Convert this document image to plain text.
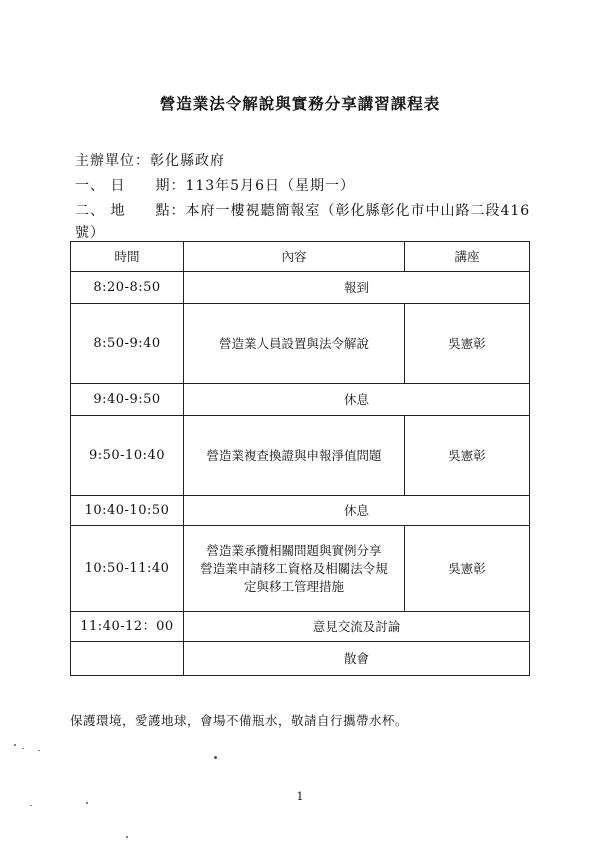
營造業法令解說與實務分享講習課程表
主辦單位：彰化縣政府
一、 日　　期：113年5月6日（星期一）
二、 地　　點：本府一樓視聽簡報室（彰化縣彰化市中山路二段416
號）
時間	內容	講座
8:20-8:50	報到	

8:50-9:40	營造業人員設置與法令解說	吳憲彰
9:40-9:50	休息	

9:50-10:40	營造業複查換證與申報淨值問題	吳憲彰
10:40-10:50	休息	

10:50-11:40	營造業承攬相關問題與實例分享
營造業申請移工資格及相關法令規
定與移工管理措施	吳憲彰
11:40-12：00	意見交流及討論	

	散會	
保護環境，愛護地球，會場不備瓶水，敬請自行攜帶水杯。
1
